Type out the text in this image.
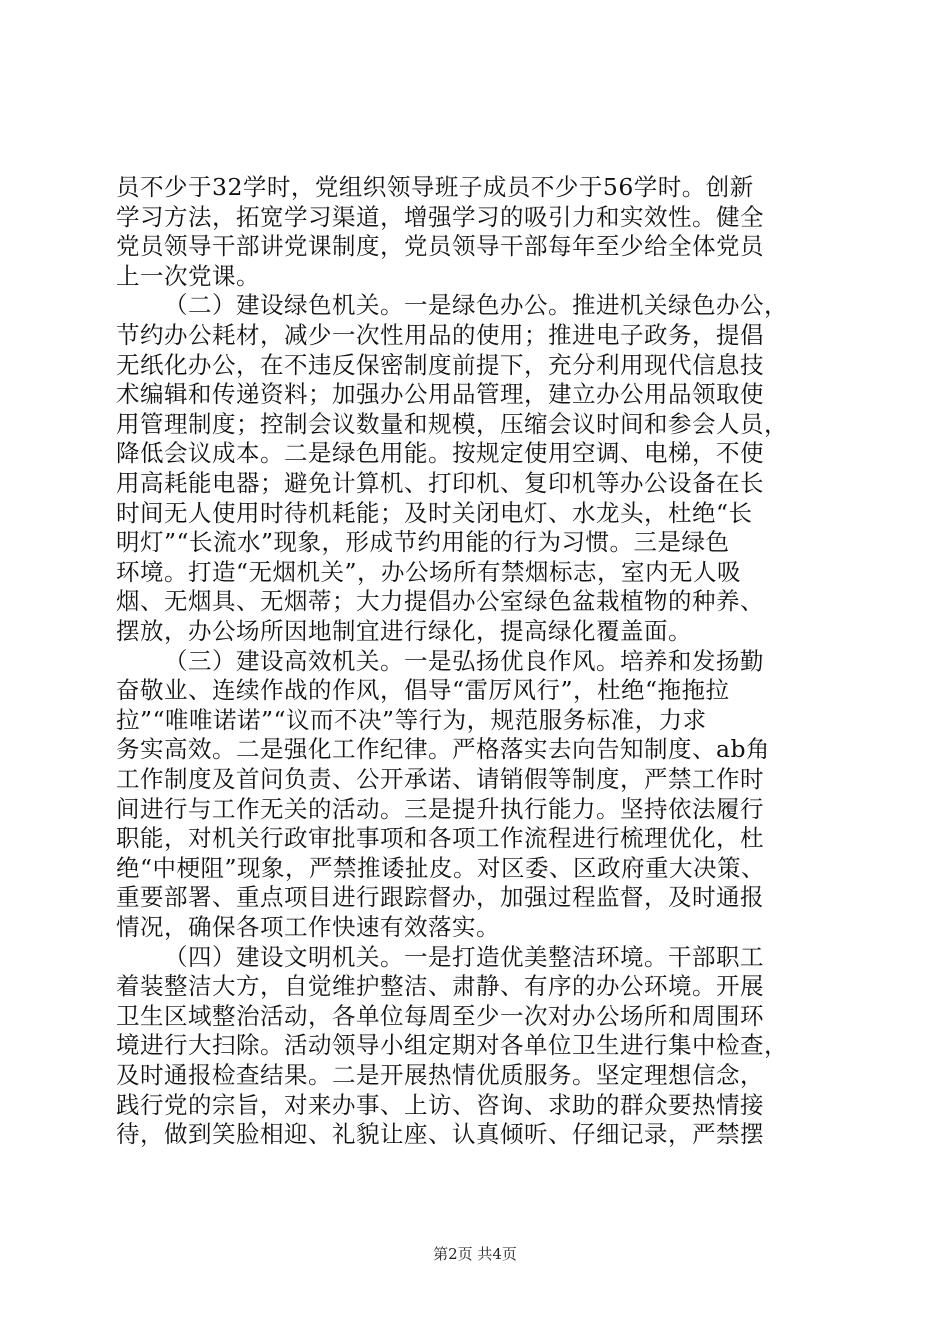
员不少于32学时，党组织领导班子成员不少于56学时。创新
学习方法，拓宽学习渠道，增强学习的吸引力和实效性。健全
党员领导干部讲党课制度，党员领导干部每年至少给全体党员
上一次党课。
（二）建设绿色机关。一是绿色办公。推进机关绿色办公，
节约办公耗材，减少一次性用品的使用；推进电子政务，提倡
无纸化办公，在不违反保密制度前提下，充分利用现代信息技
术编辑和传递资料；加强办公用品管理，建立办公用品领取使
用管理制度；控制会议数量和规模，压缩会议时间和参会人员，
降低会议成本。二是绿色用能。按规定使用空调、电梯，不使
用高耗能电器；避免计算机、打印机、复印机等办公设备在长
时间无人使用时待机耗能；及时关闭电灯、水龙头，杜绝“长
明灯”“长流水”现象，形成节约用能的行为习惯。三是绿色
环境。打造“无烟机关”，办公场所有禁烟标志，室内无人吸
烟、无烟具、无烟蒂；大力提倡办公室绿色盆栽植物的种养、
摆放，办公场所因地制宜进行绿化，提高绿化覆盖面。
（三）建设高效机关。一是弘扬优良作风。培养和发扬勤
奋敬业、连续作战的作风，倡导“雷厉风行”，杜绝“拖拖拉
拉”“唯唯诺诺”“议而不决”等行为，规范服务标准，力求
务实高效。二是强化工作纪律。严格落实去向告知制度、ab角
工作制度及首问负责、公开承诺、请销假等制度，严禁工作时
间进行与工作无关的活动。三是提升执行能力。坚持依法履行
职能，对机关行政审批事项和各项工作流程进行梳理优化，杜
绝“中梗阻”现象，严禁推诿扯皮。对区委、区政府重大决策、
重要部署、重点项目进行跟踪督办，加强过程监督，及时通报
情况，确保各项工作快速有效落实。
（四）建设文明机关。一是打造优美整洁环境。干部职工
着装整洁大方，自觉维护整洁、肃静、有序的办公环境。开展
卫生区域整治活动，各单位每周至少一次对办公场所和周围环
境进行大扫除。活动领导小组定期对各单位卫生进行集中检查，
及时通报检查结果。二是开展热情优质服务。坚定理想信念，
践行党的宗旨，对来办事、上访、咨询、求助的群众要热情接
待，做到笑脸相迎、礼貌让座、认真倾听、仔细记录，严禁摆
第2页 共4页
